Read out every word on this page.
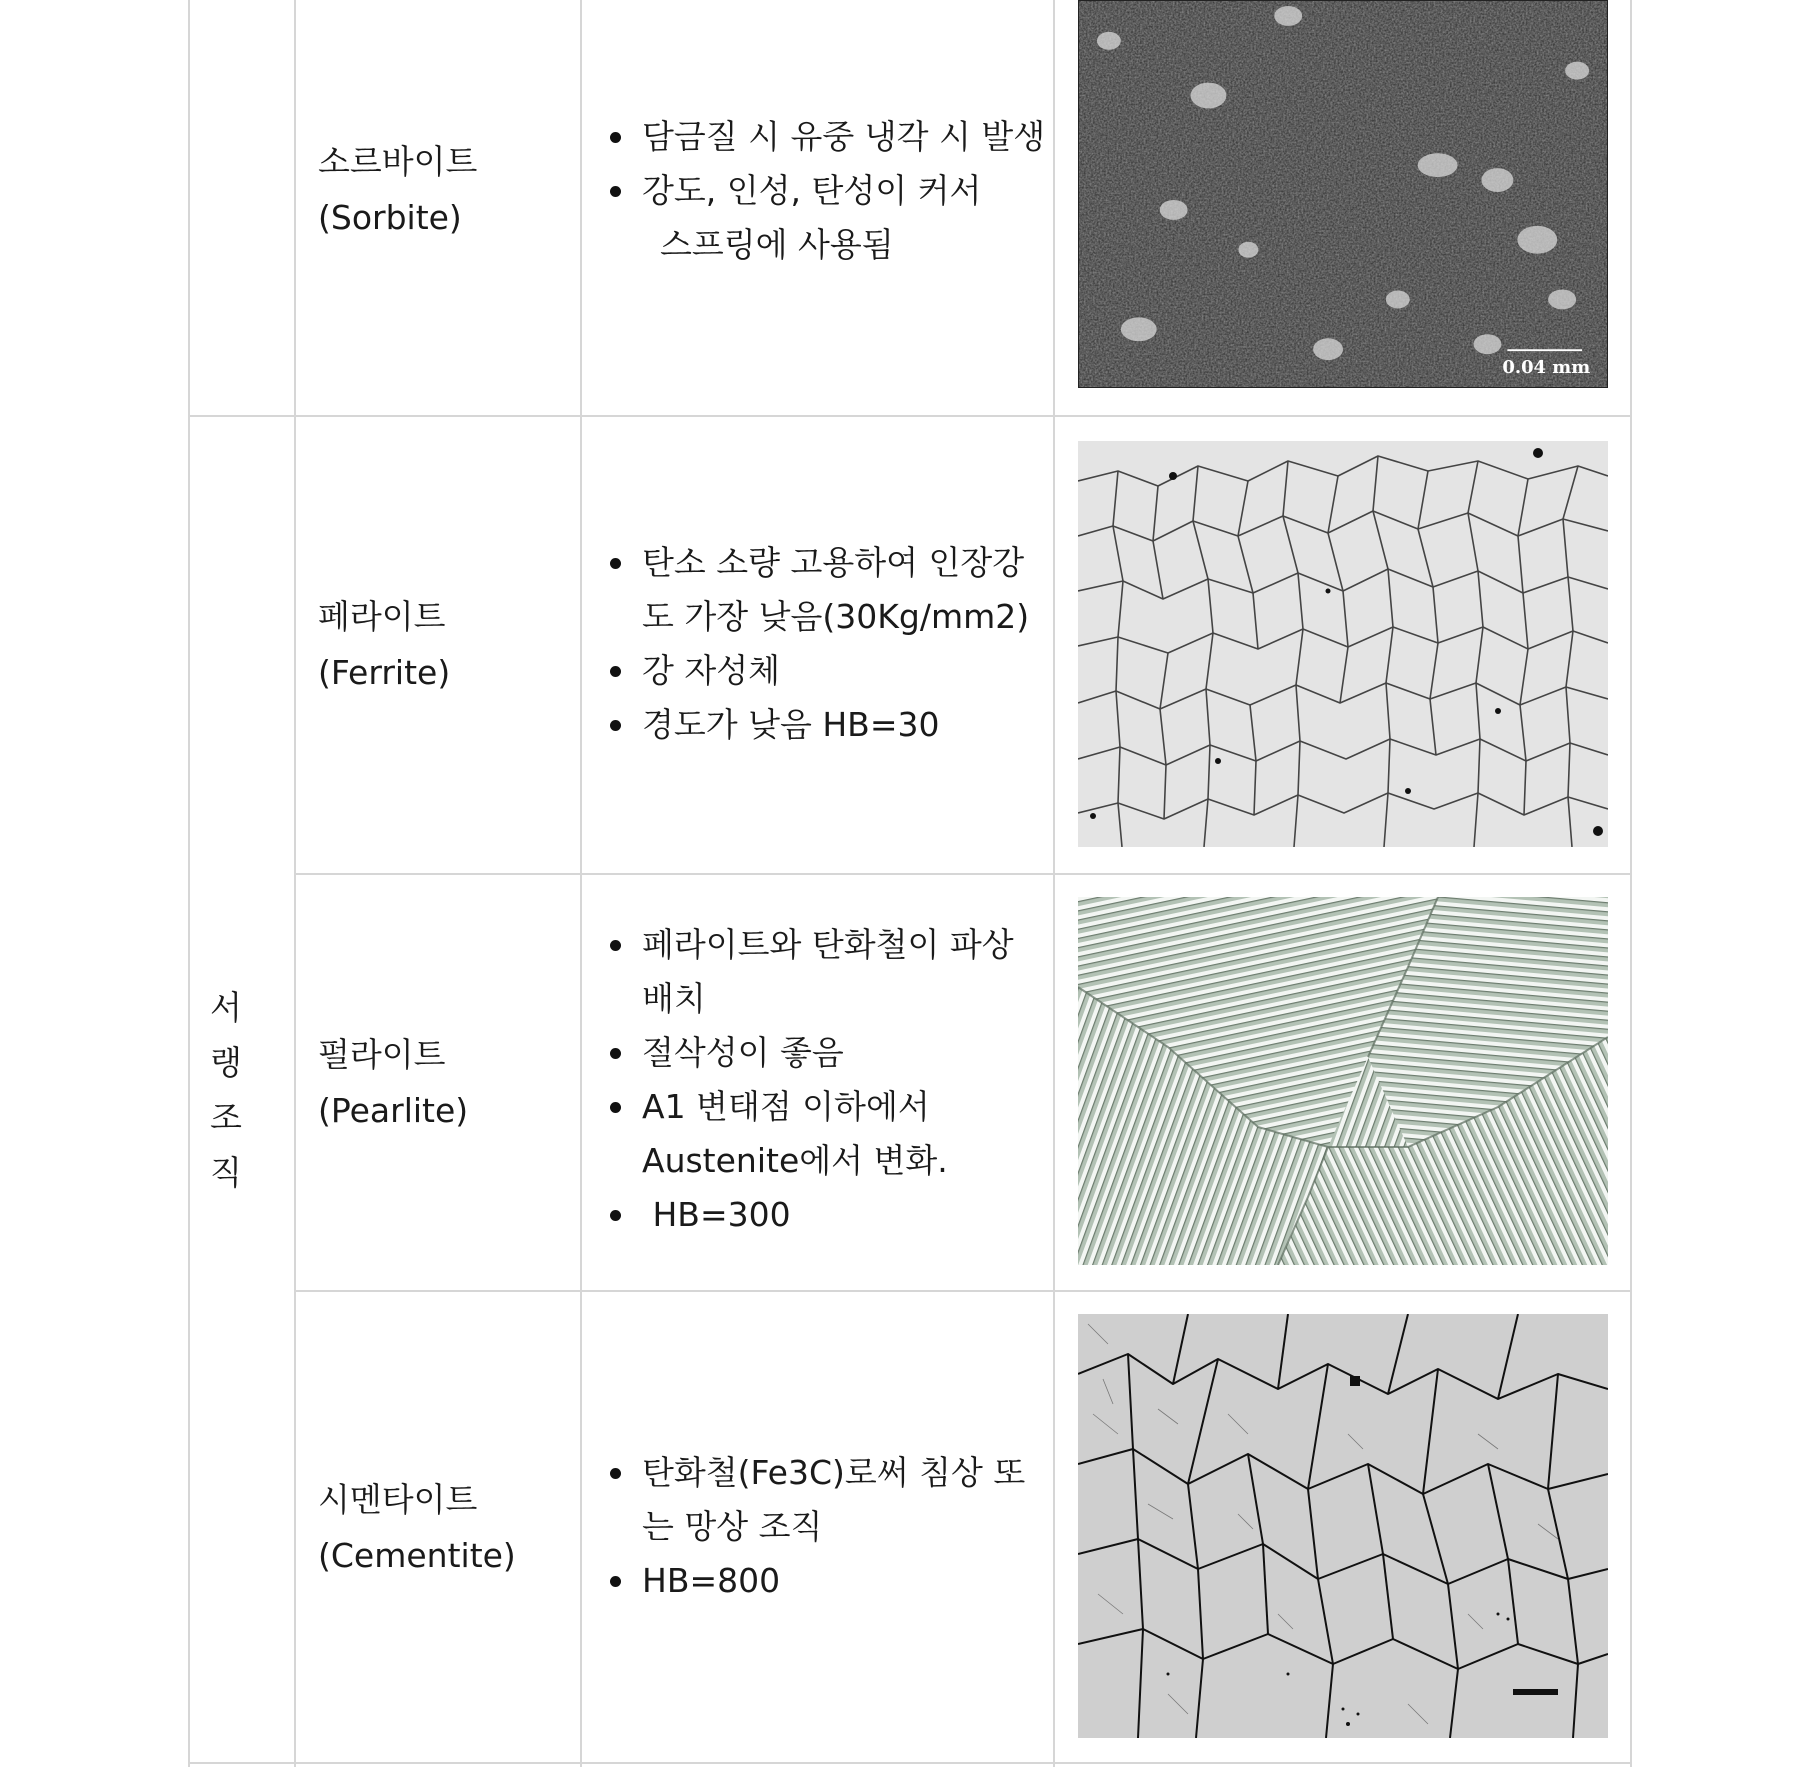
서
랭
조
직
소르바이트
(Sorbite)
담금질 시 유중 냉각 시 발생
강도, 인성, 탄성이 커서
스프링에 사용됨
0.04 mm
페라이트
(Ferrite)
탄소 소량 고용하여 인장강
도 가장 낮음(30Kg/mm2)
강 자성체
경도가 낮음 HB=30
펄라이트
(Pearlite)
페라이트와 탄화철이 파상
배치
절삭성이 좋음
A1 변태점 이하에서
Austenite에서 변화.
HB=300
시멘타이트
(Cementite)
탄화철(Fe3C)로써 침상 또
는 망상 조직
HB=800
